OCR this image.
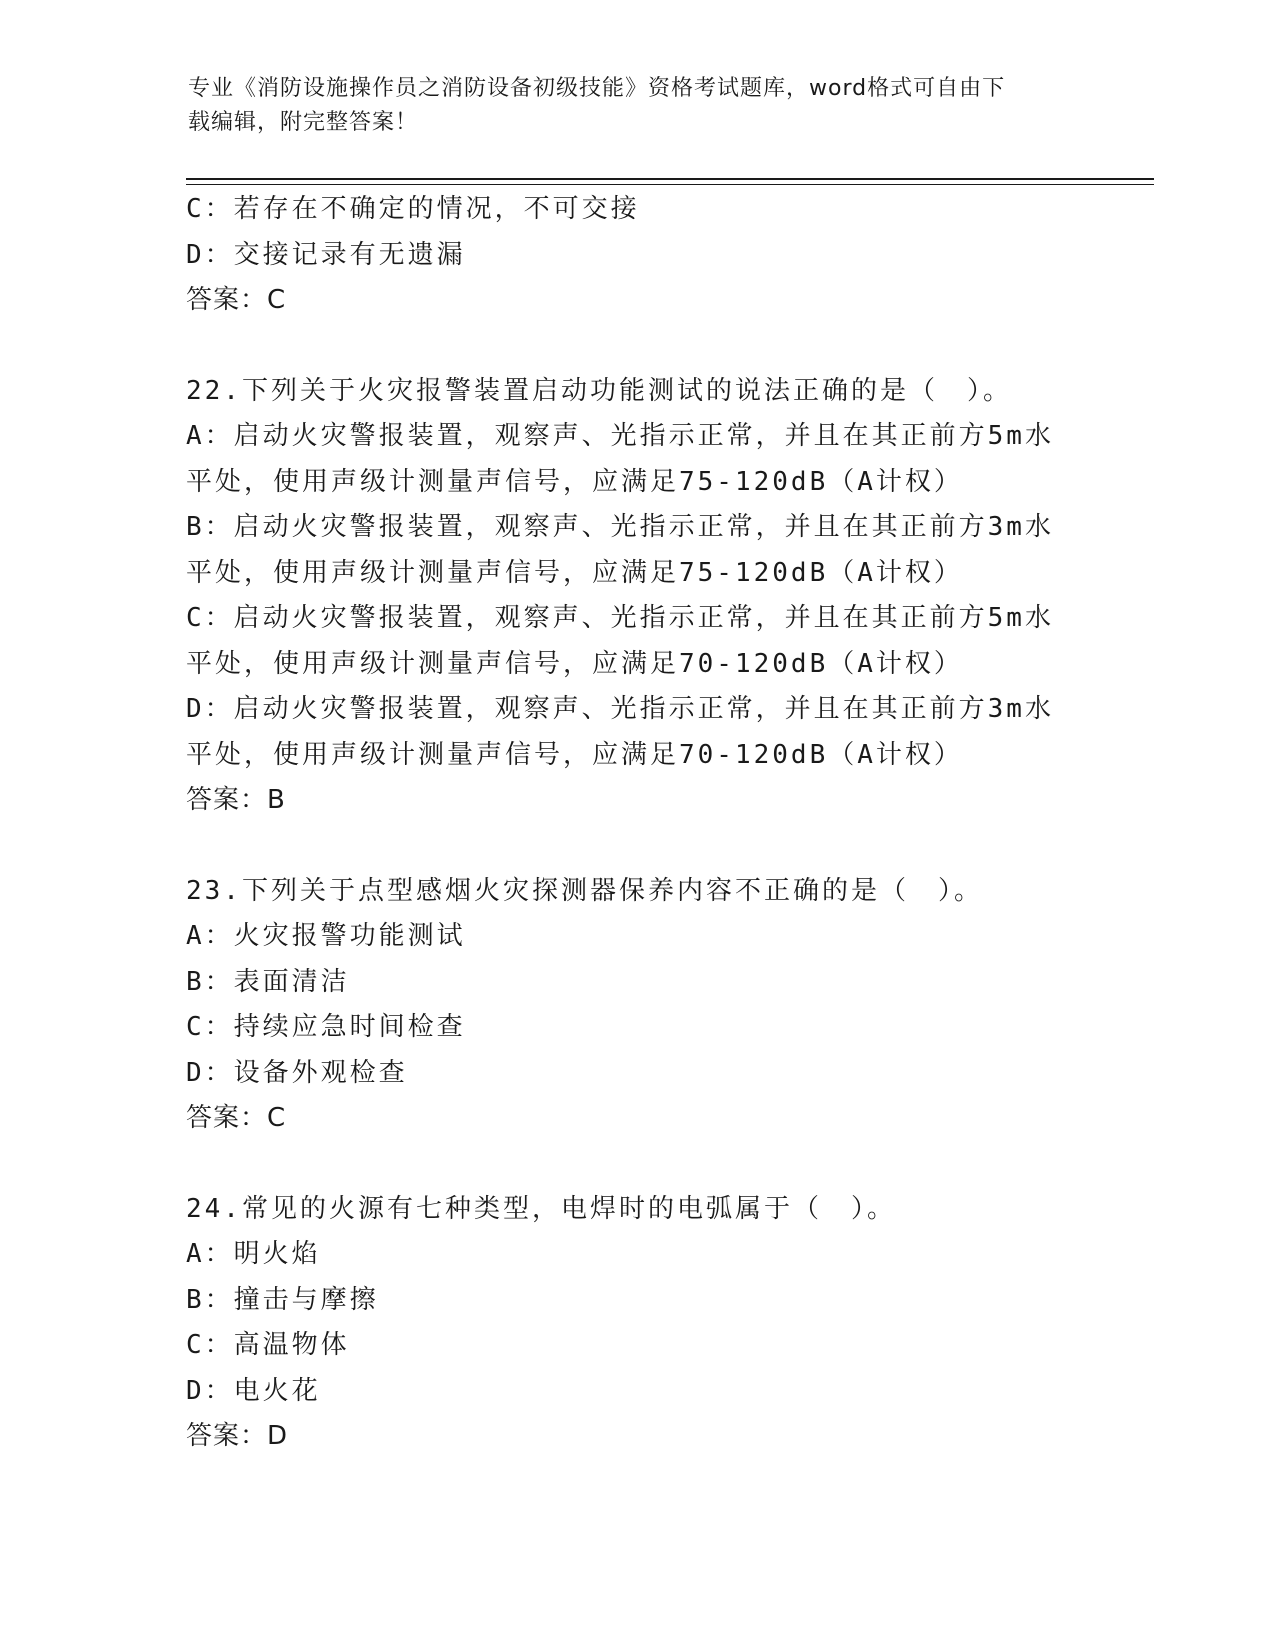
专业《消防设施操作员之消防设备初级技能》资格考试题库，word格式可自由下
载编辑，附完整答案！
C：若存在不确定的情况，不可交接
D：交接记录有无遗漏
答案：C
22.下列关于火灾报警装置启动功能测试的说法正确的是（　）。
A：启动火灾警报装置，观察声、光指示正常，并且在其正前方5m水
平处，使用声级计测量声信号，应满足75-120dB（A计权）
B：启动火灾警报装置，观察声、光指示正常，并且在其正前方3m水
平处，使用声级计测量声信号，应满足75-120dB（A计权）
C：启动火灾警报装置，观察声、光指示正常，并且在其正前方5m水
平处，使用声级计测量声信号，应满足70-120dB（A计权）
D：启动火灾警报装置，观察声、光指示正常，并且在其正前方3m水
平处，使用声级计测量声信号，应满足70-120dB（A计权）
答案：B
23.下列关于点型感烟火灾探测器保养内容不正确的是（　）。
A：火灾报警功能测试
B：表面清洁
C：持续应急时间检查
D：设备外观检查
答案：C
24.常见的火源有七种类型，电焊时的电弧属于（　）。
A：明火焰
B：撞击与摩擦
C：高温物体
D：电火花
答案：D
